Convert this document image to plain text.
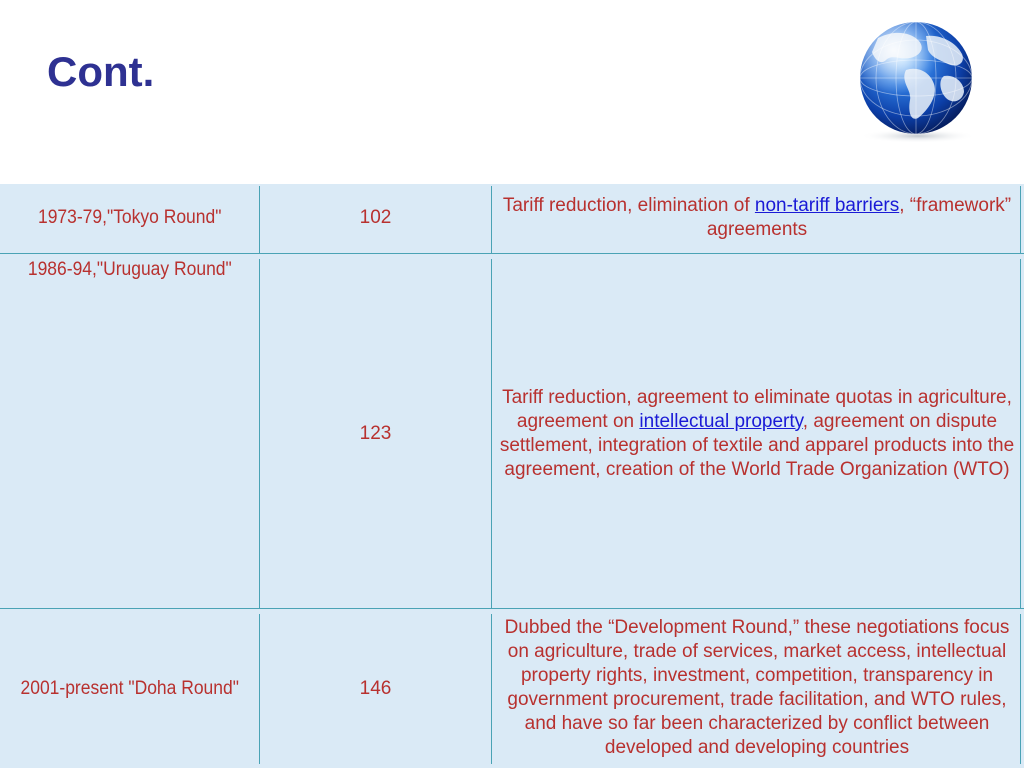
Cont.
1973-79,"Tokyo Round"	102
Tariff reduction, elimination of non-tariff barriers, “framework” agreements
1986-94,"Uruguay Round"
123
Tariff reduction, agreement to eliminate quotas in agriculture, agreement on intellectual property, agreement on dispute settlement, integration of textile and apparel products into the agreement, creation of the World Trade Organization (WTO)
2001-present "Doha Round"	146
Dubbed the “Development Round,” these negotiations focus on agriculture, trade of services, market access, intellectual property rights, investment, competition, transparency in government procurement, trade facilitation, and WTO rules, and have so far been characterized by conflict between developed and developing countries
